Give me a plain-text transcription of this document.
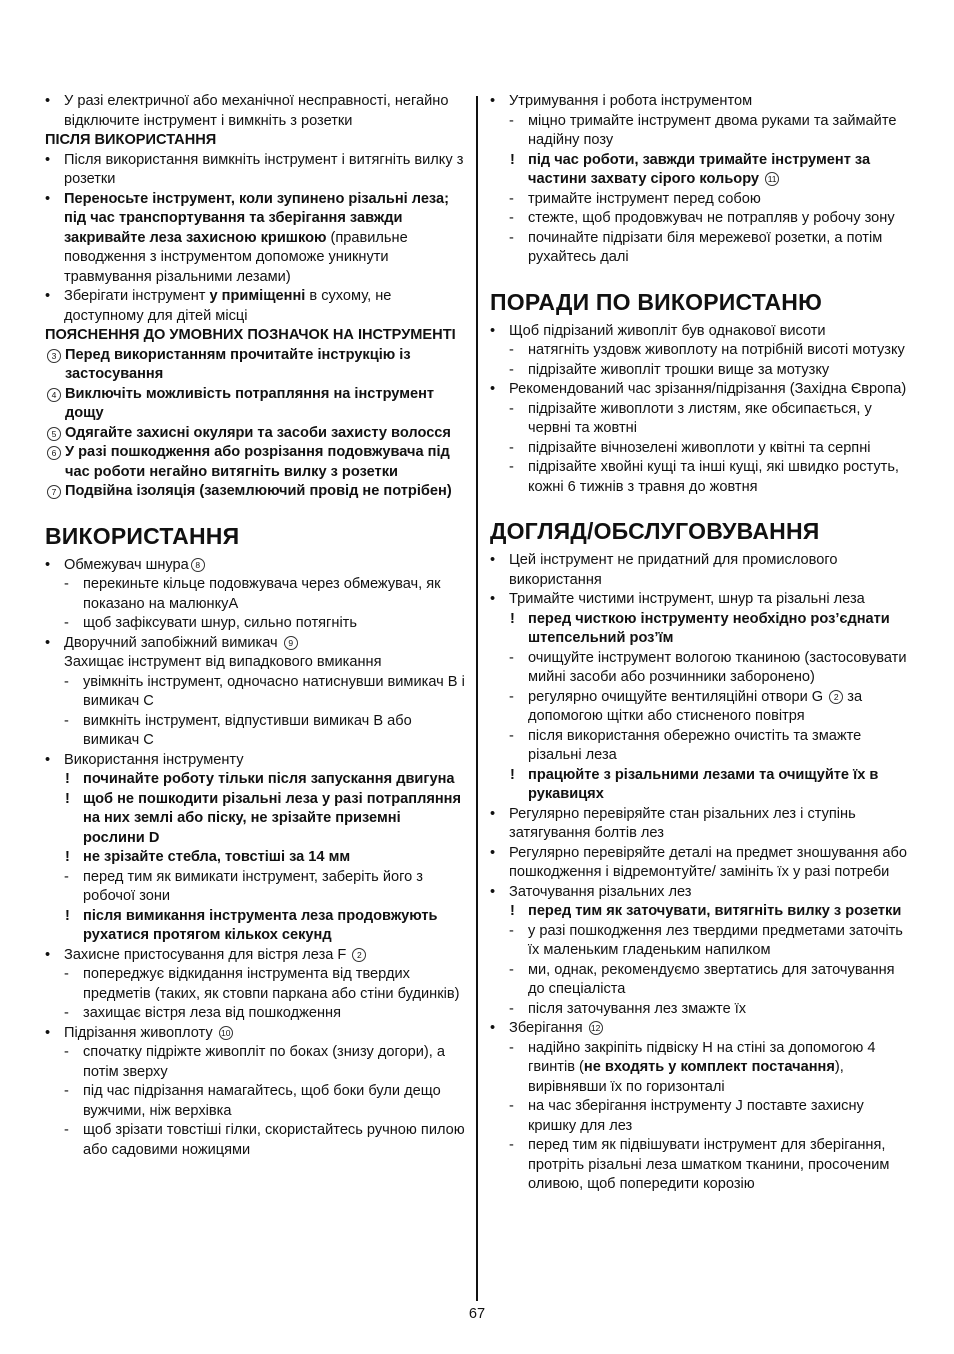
• У разі електричної або механічної несправності, негайно відключите інструмент і вимкніть з розетки
ПІСЛЯ ВИКОРИСТАННЯ
• Після використання вимкніть інструмент і витягніть вилку з розетки
• Переносьте інструмент, коли зупинено різальні леза; під час транспортування та зберігання завжди закривайте леза захисною кришкою (правильне поводження з інструментом допоможе уникнути травмування різальними лезами)
• Зберігати інструмент у приміщенні в сухому, не доступному для дітей місці
ПОЯСНЕННЯ ДО УМОВНИХ ПОЗНАЧОК НА ІНСТРУМЕНТІ
3 Перед використанням прочитайте інструкцію із застосування
4 Виключіть можливість потрапляння на інструмент дощу
5 Одягайте захисні окуляри та засоби захисту волосся
6 У разі пошкодження або розрізання подовжувача під час роботи негайно витягніть вилку з розетки
7 Подвійна ізоляція (заземлюючий провід не потрібен)
ВИКОРИСТАННЯ
• Обмежувач шнура 8
- перекиньте кільце подовжувача через обмежувач, як показано на малюнкуA
- щоб зафіксувати шнур, сильно потягніть
• Дворучний запобіжний вимикач 9
Захищає інструмент від випадкового вмикання
- увімкніть інструмент, одночасно натиснувши вимикач B і вимикач C
- вимкніть інструмент, відпустивши вимикач B або вимикач C
• Використання інструменту
! починайте роботу тільки після запускання двигуна
! щоб не пошкодити різальні леза у разі потрапляння на них землі або піску, не зрізайте приземні рослини D
! не зрізайте стебла, товстіші за 14 мм
- перед тим як вимикати інструмент, заберіть його з робочої зони
! після вимикання інструмента леза продовжують рухатися протягом кількох секунд
• Захисне пристосування для вістря леза F 2
- попереджує відкидання інструмента від твердих предметів (таких, як стовпи паркана або стіни будинків)
- захищає вістря леза від пошкодження
• Підрізання живоплоту 10
- спочатку підріжте живопліт по боках (знизу догори), а потім зверху
- під час підрізання намагайтесь, щоб боки були дещо вужчими, ніж верхівка
- щоб зрізати товстіші гілки, скористайтесь ручною пилою або садовими ножицями
• Утримування і робота інструментом
- міцно тримайте інструмент двома руками та займайте надійну позу
! під час роботи, завжди тримайте інструмент за частини захвату сірого кольору 11
- тримайте інструмент перед собою
- стежте, щоб продовжувач не потрапляв у робочу зону
- починайте підрізати біля мережевої розетки, а потім рухайтесь далі
ПОРАДИ ПО ВИКОРИСТАНЮ
• Щоб підрізаний живопліт був однакової висоти
- натягніть уздовж живоплоту на потрібній висоті мотузку
- підрізайте живопліт трошки вище за мотузку
• Рекомендований час зрізання/підрізання (Західна Європа)
- підрізайте живоплоти з листям, яке обсипається, у червні та жовтні
- підрізайте вічнозелені живоплоти у квітні та серпні
- підрізайте хвойні кущі та інші кущі, які швидко ростуть, кожні 6 тижнів з травня до жовтня
ДОГЛЯД/ОБСЛУГОВУВАННЯ
• Цей інструмент не придатний для промислового використання
• Тримайте чистими інструмент, шнур та різальні леза
! перед чисткою інструменту необхідно роз’єднати штепсельний роз’їм
- очищуйте інструмент вологою тканиною (застосовувати мийні засоби або розчинники заборонено)
- регулярно очищуйте вентиляційні отвори G 2 за допомогою щітки або стисненого повітря
- після використання обережно очистіть та змажте різальні леза
! працюйте з різальними лезами та очищуйте їх в рукавицях
• Регулярно перевіряйте стан різальних лез і ступінь затягування болтів лез
• Регулярно перевіряйте деталі на предмет зношування або пошкодження і відремонтуйте/ замініть їх у разі потреби
• Заточування різальних лез
! перед тим як заточувати, витягніть вилку з розетки
- у разі пошкодження лез твердими предметами заточіть їх маленьким гладеньким напилком
- ми, однак, рекомендуємо звертатись для заточування до спеціаліста
- після заточування лез змажте їх
• Зберігання 12
- надійно закріпіть підвіску H на стіні за допомогою 4 гвинтів (не входять у комплект постачання), вирівнявши їх по горизонталі
- на час зберігання інструменту J поставте захисну кришку для лез
- перед тим як підвішувати інструмент для зберігання, протріть різальні леза шматком тканини, просоченим оливою, щоб попередити корозію
67
